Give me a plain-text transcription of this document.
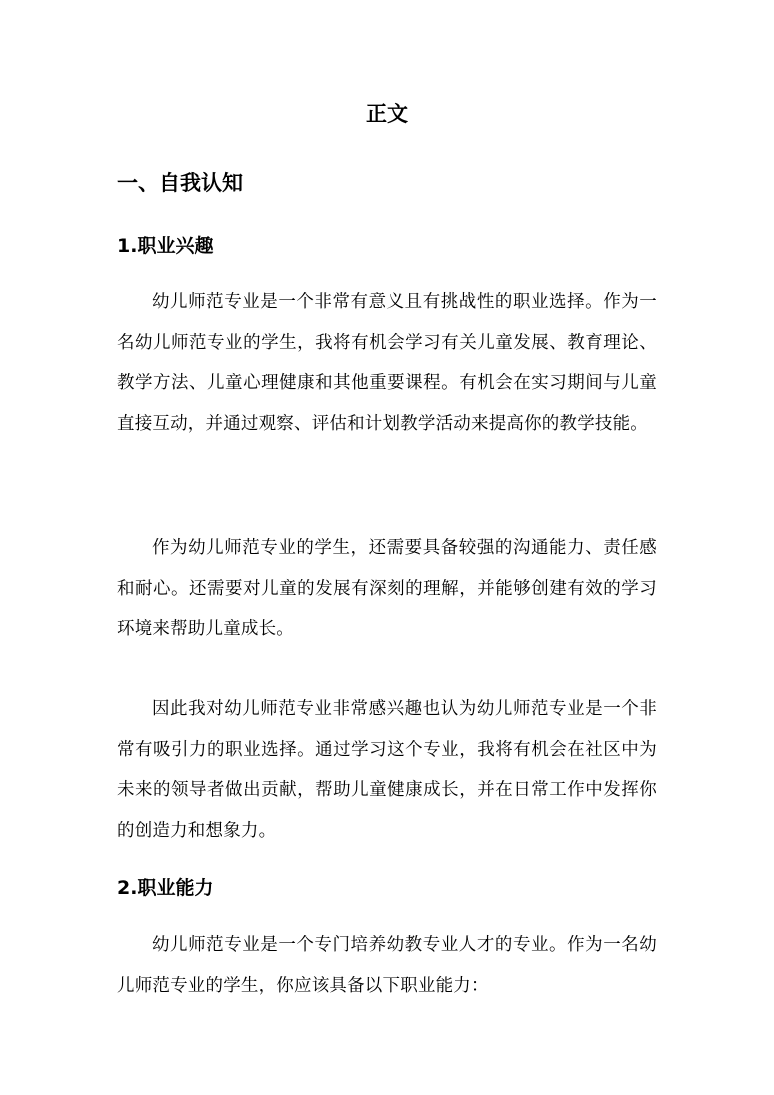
正文
一、自我认知
1.职业兴趣

幼儿师范专业是一个非常有意义且有挑战性的职业选择。作为一名幼儿师范专业的学生，我将有机会学习有关儿童发展、教育理论、教学方法、儿童心理健康和其他重要课程。有机会在实习期间与儿童直接互动，并通过观察、评估和计划教学活动来提高你的教学技能。

作为幼儿师范专业的学生，还需要具备较强的沟通能力、责任感和耐心。还需要对儿童的发展有深刻的理解，并能够创建有效的学习环境来帮助儿童成长。

因此我对幼儿师范专业非常感兴趣也认为幼儿师范专业是一个非常有吸引力的职业选择。通过学习这个专业，我将有机会在社区中为未来的领导者做出贡献，帮助儿童健康成长，并在日常工作中发挥你的创造力和想象力。

2.职业能力

幼儿师范专业是一个专门培养幼教专业人才的专业。作为一名幼儿师范专业的学生，你应该具备以下职业能力：
